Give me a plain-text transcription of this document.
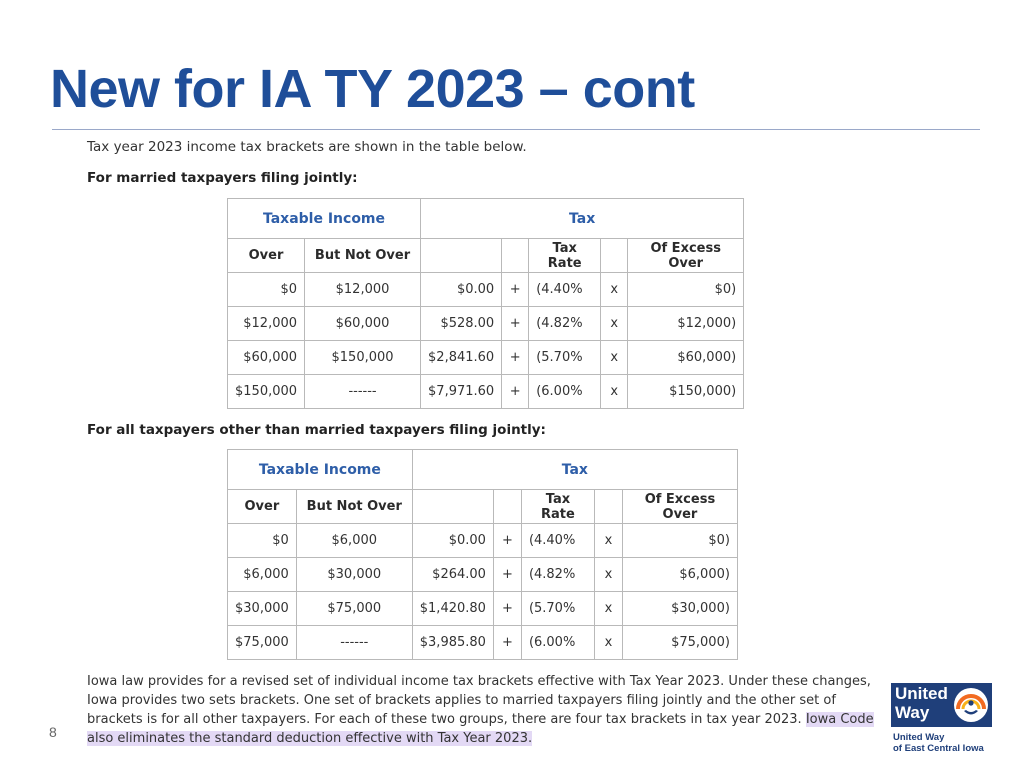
New for IA TY 2023 – cont
Tax year 2023 income tax brackets are shown in the table below.
For married taxpayers filing jointly:
Taxable Income		Tax				
Over	But Not Over			Tax Rate		Of Excess Over
$0	$12,000	$0.00	+	(4.40%	x	$0)
$12,000	$60,000	$528.00	+	(4.82%	x	$12,000)
$60,000	$150,000	$2,841.60	+	(5.70%	x	$60,000)
$150,000	------	$7,971.60	+	(6.00%	x	$150,000)
For all taxpayers other than married taxpayers filing jointly:
Taxable Income		Tax				
Over	But Not Over			Tax Rate		Of Excess Over
$0	$6,000	$0.00	+	(4.40%	x	$0)
$6,000	$30,000	$264.00	+	(4.82%	x	$6,000)
$30,000	$75,000	$1,420.80	+	(5.70%	x	$30,000)
$75,000	------	$3,985.80	+	(6.00%	x	$75,000)

Iowa law provides for a revised set of individual income tax brackets effective with Tax Year 2023. Under these changes, Iowa provides two sets brackets. One set of brackets applies to married taxpayers filing jointly and the other set of brackets is for all other taxpayers. For each of these two groups, there are four tax brackets in tax year 2023. Iowa Code also eliminates the standard deduction effective with Tax Year 2023.

8
United
Way
United Way
of East Central Iowa
